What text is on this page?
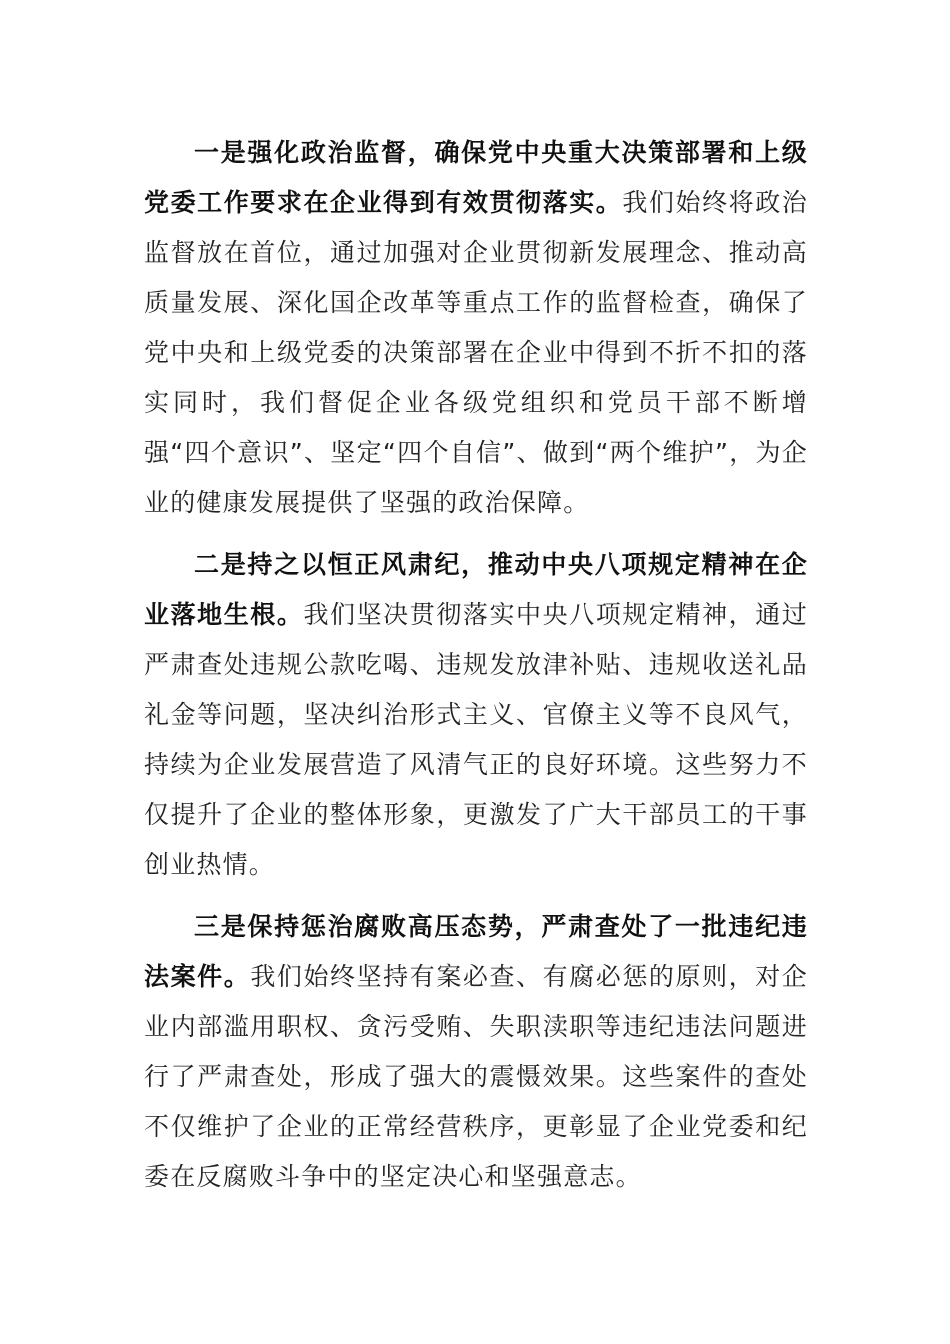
一是强化政治监督，确保党中央重大决策部署和上级党委工作要求在企业得到有效贯彻落实。我们始终将政治监督放在首位，通过加强对企业贯彻新发展理念、推动高质量发展、深化国企改革等重点工作的监督检查，确保了党中央和上级党委的决策部署在企业中得到不折不扣的落实同时，我们督促企业各级党组织和党员干部不断增强“四个意识”、坚定“四个自信”、做到“两个维护”，为企业的健康发展提供了坚强的政治保障。

二是持之以恒正风肃纪，推动中央八项规定精神在企业落地生根。我们坚决贯彻落实中央八项规定精神，通过严肃查处违规公款吃喝、违规发放津补贴、违规收送礼品礼金等问题，坚决纠治形式主义、官僚主义等不良风气，持续为企业发展营造了风清气正的良好环境。这些努力不仅提升了企业的整体形象，更激发了广大干部员工的干事创业热情。

三是保持惩治腐败高压态势，严肃查处了一批违纪违法案件。我们始终坚持有案必查、有腐必惩的原则，对企业内部滥用职权、贪污受贿、失职渎职等违纪违法问题进行了严肃查处，形成了强大的震慑效果。这些案件的查处不仅维护了企业的正常经营秩序，更彰显了企业党委和纪委在反腐败斗争中的坚定决心和坚强意志。
